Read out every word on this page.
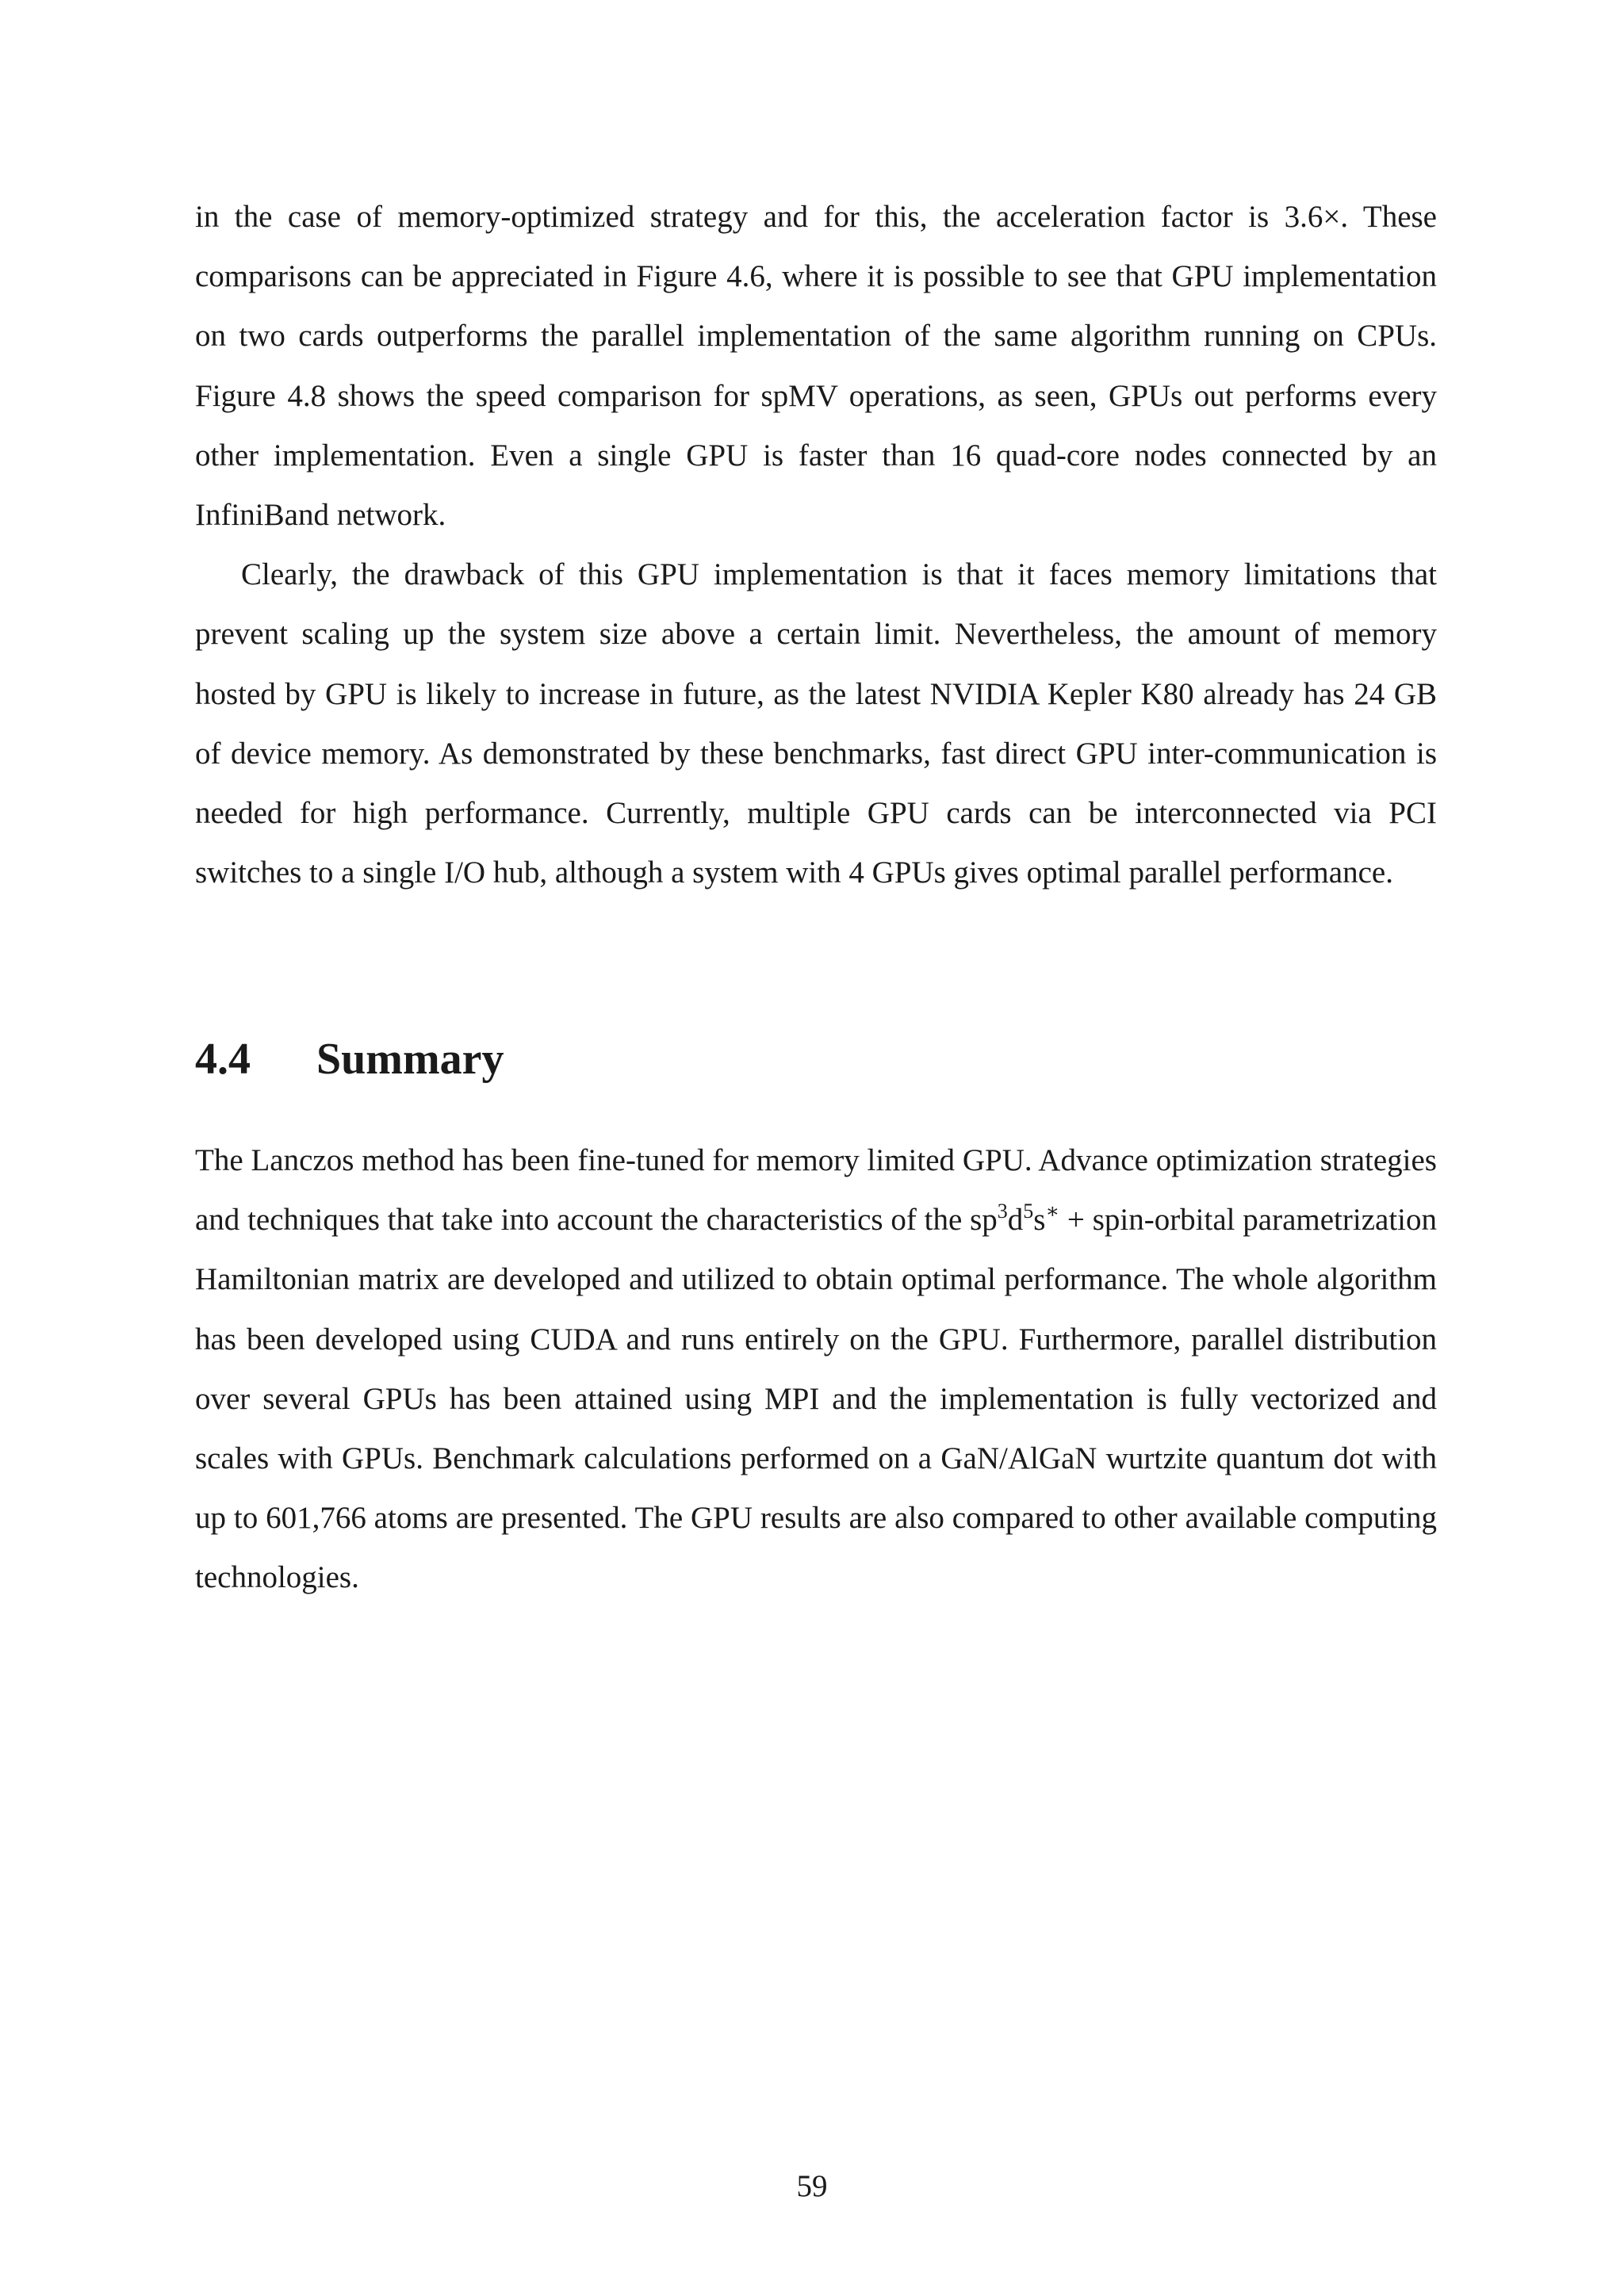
in the case of memory-optimized strategy and for this, the acceleration factor is 3.6×. These comparisons can be appreciated in Figure 4.6, where it is possible to see that GPU implementation on two cards outperforms the parallel implementation of the same algorithm running on CPUs. Figure 4.8 shows the speed comparison for spMV operations, as seen, GPUs out performs every other implementation. Even a single GPU is faster than 16 quad-core nodes connected by an InfiniBand network.

Clearly, the drawback of this GPU implementation is that it faces memory limitations that prevent scaling up the system size above a certain limit. Nevertheless, the amount of memory hosted by GPU is likely to increase in future, as the latest NVIDIA Kepler K80 already has 24 GB of device memory. As demonstrated by these benchmarks, fast direct GPU inter-communication is needed for high performance. Currently, multiple GPU cards can be interconnected via PCI switches to a single I/O hub, although a system with 4 GPUs gives optimal parallel performance.

4.4 Summary

The Lanczos method has been fine-tuned for memory limited GPU. Advance optimization strategies and techniques that take into account the characteristics of the $sp^3d^5s^∗$ + spin-orbital parametrization Hamiltonian matrix are developed and utilized to obtain optimal performance. The whole algorithm has been developed using CUDA and runs entirely on the GPU. Furthermore, parallel distribution over several GPUs has been attained using MPI and the implementation is fully vectorized and scales with GPUs. Benchmark calculations performed on a GaN/AlGaN wurtzite quantum dot with up to 601,766 atoms are presented. The GPU results are also compared to other available computing technologies.

59
